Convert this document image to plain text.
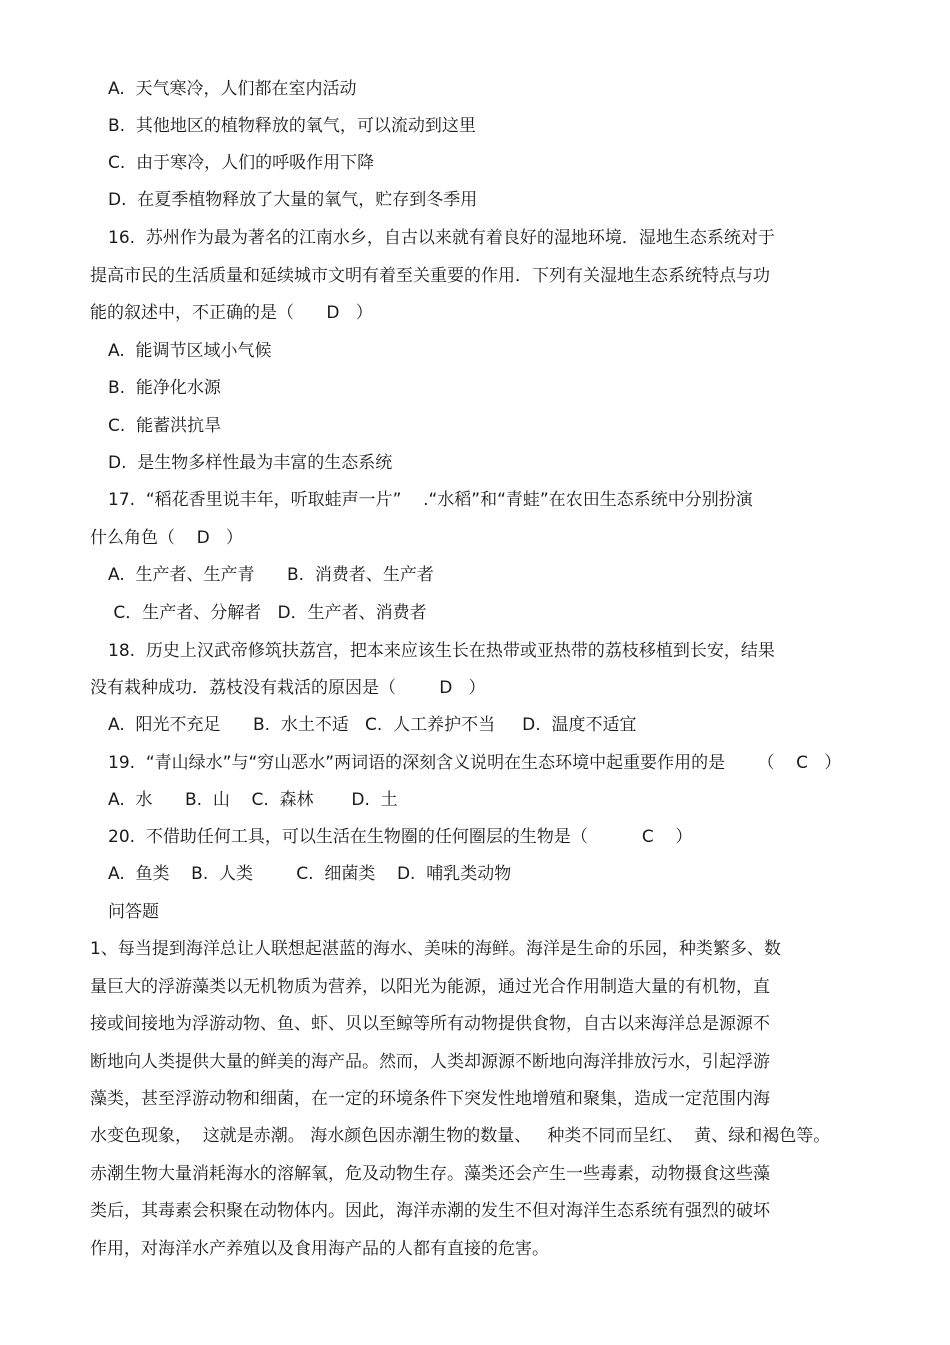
A.  天气寒冷，人们都在室内活动

B.  其他地区的植物释放的氧气，可以流动到这里

C.  由于寒冷，人们的呼吸作用下降

D.  在夏季植物释放了大量的氧气，贮存到冬季用

16.  苏州作为最为著名的江南水乡，自古以来就有着良好的湿地环境．湿地生态系统对于

提高市民的生活质量和延续城市文明有着至关重要的作用．下列有关湿地生态系统特点与功

能的叙述中，不正确的是（      D   ）

A.  能调节区域小气候

B.  能净化水源

C.  能蓄洪抗旱

D.  是生物多样性最为丰富的生态系统

17.  “稻花香里说丰年，听取蛙声一片”    .“水稻”和“青蛙”在农田生态系统中分别扮演

什么角色（    D   ）

A.  生产者、生产青      B.  消费者、生产者

C．生产者、分解者   D．生产者、消费者

18.  历史上汉武帝修筑扶荔宫，把本来应该生长在热带或亚热带的荔枝移植到长安，结果

没有栽种成功．荔枝没有栽活的原因是（        D   ）

A.  阳光不充足      B.  水土不适   C.  人工养护不当     D.  温度不适宜

19.  “青山绿水”与“穷山恶水”两词语的深刻含义说明在生态环境中起重要作用的是      （    C   ）

A.  水      B.  山    C.  森林       D.  土

20.  不借助任何工具，可以生活在生物圈的任何圈层的生物是（          C    ）

A.  鱼类    B.  人类        C.  细菌类    D.  哺乳类动物

问答题

1、每当提到海洋总让人联想起湛蓝的海水、美味的海鲜。海洋是生命的乐园，种类繁多、数

量巨大的浮游藻类以无机物质为营养，以阳光为能源，通过光合作用制造大量的有机物，直

接或间接地为浮游动物、鱼、虾、贝以至鲸等所有动物提供食物，自古以来海洋总是源源不

断地向人类提供大量的鲜美的海产品。然而，人类却源源不断地向海洋排放污水，引起浮游

藻类，甚至浮游动物和细菌，在一定的环境条件下突发性地增殖和聚集，造成一定范围内海

水变色现象，  这就是赤潮。 海水颜色因赤潮生物的数量、   种类不同而呈红、  黄、绿和褐色等。

赤潮生物大量消耗海水的溶解氧，危及动物生存。藻类还会产生一些毒素，动物摄食这些藻

类后，其毒素会积聚在动物体内。因此，海洋赤潮的发生不但对海洋生态系统有强烈的破坏

作用，对海洋水产养殖以及食用海产品的人都有直接的危害。
